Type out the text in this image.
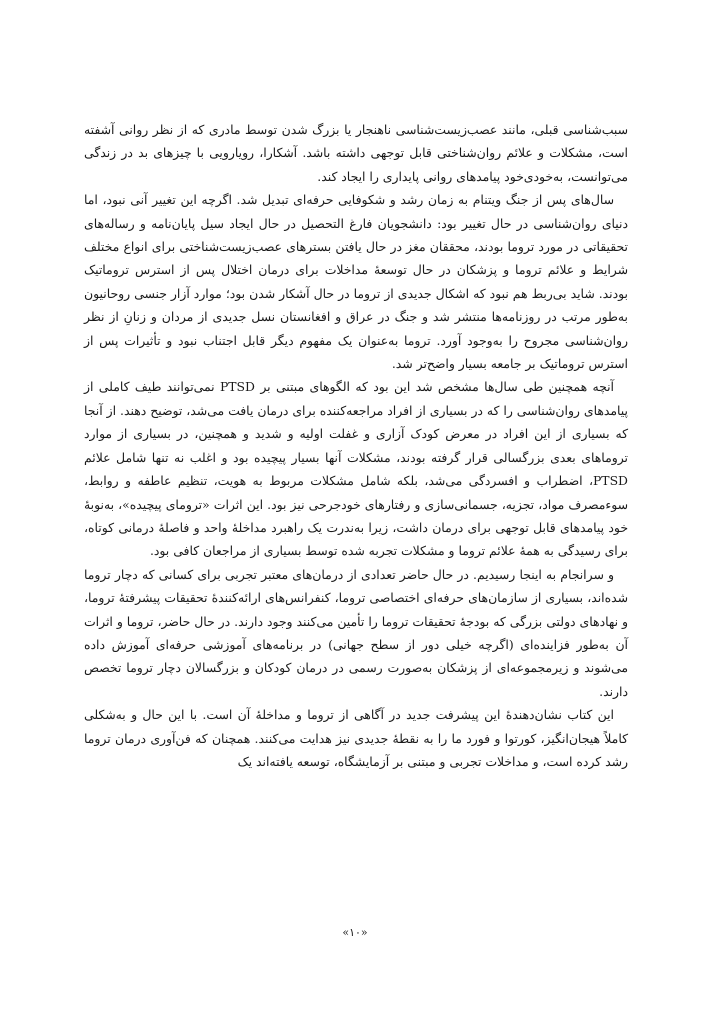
سبب‌شناسی قبلی، مانند عصب‌زیست‌شناسی ناهنجار یا بزرگ شدن توسط مادری که از نظر روانی آشفته است، مشکلات و علائم روان‌شناختی قابل توجهی داشته باشد. آشکارا، رویارویی با چیزهای بد در زندگی می‌توانست، به‌خودی‌خود پیامدهای روانی پایداری را ایجاد کند.

سال‌های پس از جنگ ویتنام به زمان رشد و شکوفایی حرفه‌ای تبدیل شد. اگرچه این تغییر آنی نبود، اما دنیای روان‌شناسی در حال تغییر بود: دانشجویان فارغ التحصیل در حال ایجاد سیل پایان‌نامه و رساله‌های تحقیقاتی در مورد تروما بودند، محققان مغز در حال یافتن بسترهای عصب‌زیست‌شناختی برای انواع مختلف شرایط و علائم تروما و پزشکان در حال توسعهٔ مداخلات برای درمان اختلال پس از استرس تروماتیک بودند. شاید بی‌ربط هم نبود که اشکال جدیدی از تروما در حال آشکار شدن بود؛ موارد آزار جنسی روحانیون به‌طور مرتب در روزنامه‌ها منتشر شد و جنگ در عراق و افغانستان نسل جدیدی از مردان و زنانِ از نظر روان‌شناسی مجروح را به‌وجود آورد. تروما به‌عنوان یک مفهوم دیگر قابل اجتناب نبود و تأثیرات پس از استرس تروماتیک بر جامعه بسیار واضح‌تر شد.

آنچه همچنین طی سال‌ها مشخص شد این بود که الگوهای مبتنی بر PTSD نمی‌توانند طیف کاملی از پیامدهای روان‌شناسی را که در بسیاری از افراد مراجعه‌کننده برای درمان یافت می‌شد، توضیح دهند. از آنجا که بسیاری از این افراد در معرض کودک آزاری و غفلت اولیه و شدید و همچنین، در بسیاری از موارد تروماهای بعدی بزرگسالی قرار گرفته بودند، مشکلات آنها بسیار پیچیده بود و اغلب نه تنها شامل علائم PTSD، اضطراب و افسردگی می‌شد، بلکه شامل مشکلات مربوط به هویت، تنظیم عاطفه و روابط، سوءمصرف مواد، تجزیه، جسمانی‌سازی و رفتارهای خودجرحی نیز بود. این اثرات «ترومای پیچیده»، به‌نوبهٔ خود پیامدهای قابل توجهی برای درمان داشت، زیرا به‌ندرت یک راهبرد مداخلهٔ واحد و فاصلهٔ درمانی کوتاه، برای رسیدگی به همهٔ علائم تروما و مشکلات تجربه شده توسط بسیاری از مراجعان کافی بود.

و سرانجام به اینجا رسیدیم. در حال حاضر تعدادی از درمان‌های معتبر تجربی برای کسانی که دچار تروما شده‌اند، بسیاری از سازمان‌های حرفه‌ای اختصاصی تروما، کنفرانس‌های ارائه‌کنندهٔ تحقیقات پیشرفتهٔ تروما، و نهادهای دولتی بزرگی که بودجهٔ تحقیقات تروما را تأمین می‌کنند وجود دارند. در حال حاضر، تروما و اثرات آن به‌طور فزاینده‌ای (اگرچه خیلی دور از سطح جهانی) در برنامه‌های آموزشی حرفه‌ای آموزش داده می‌شوند و زیرمجموعه‌ای از پزشکان به‌صورت رسمی در درمان کودکان و بزرگسالان دچار تروما تخصص دارند.

این کتاب نشان‌دهندهٔ این پیشرفت جدید در آگاهی از تروما و مداخلهٔ آن است. با این حال و به‌شکلی کاملاً هیجان‌انگیز، کورتوا و فورد ما را به نقطهٔ جدیدی نیز هدایت می‌کنند. همچنان که فن‌آوری درمان تروما رشد کرده است، و مداخلات تجربی و مبتنی بر آزمایشگاه، توسعه یافته‌اند یک

«۱۰»
